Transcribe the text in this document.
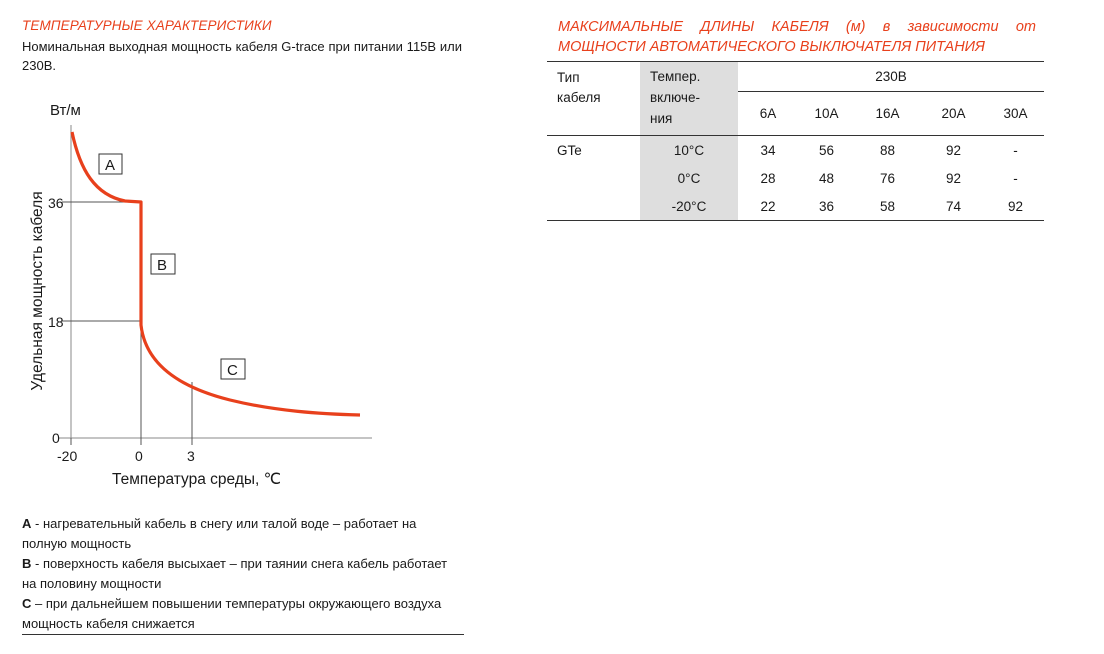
ТЕМПЕРАТУРНЫЕ ХАРАКТЕРИСТИКИ
Номинальная выходная мощность кабеля G-trace при питании 115В или 230В.
Вт/м
Удельная мощность кабеля 36
18
0
-20	0	3
Температура среды, ℃
A
B
C
A - нагревательный кабель в снегу или талой воде – работает на полную мощность
B - поверхность кабеля высыхает – при таянии снега кабель работает на половину мощности
C – при дальнейшем повышении температуры окружающего воздуха мощность кабеля снижается
МАКСИМАЛЬНЫЕ ДЛИНЫ КАБЕЛЯ (м) в зависимости от
МОЩНОСТИ АВТОМАТИЧЕСКОГО ВЫКЛЮЧАТЕЛЯ ПИТАНИЯ
Тип кабеля	Темпер.
включе-
ния	230В				
		6А	10А	16А	20А	30А
GTe	10°C	34	56	88	92	-
	0°C	28	48	76	92	-
	-20°C	22	36	58	74	92
